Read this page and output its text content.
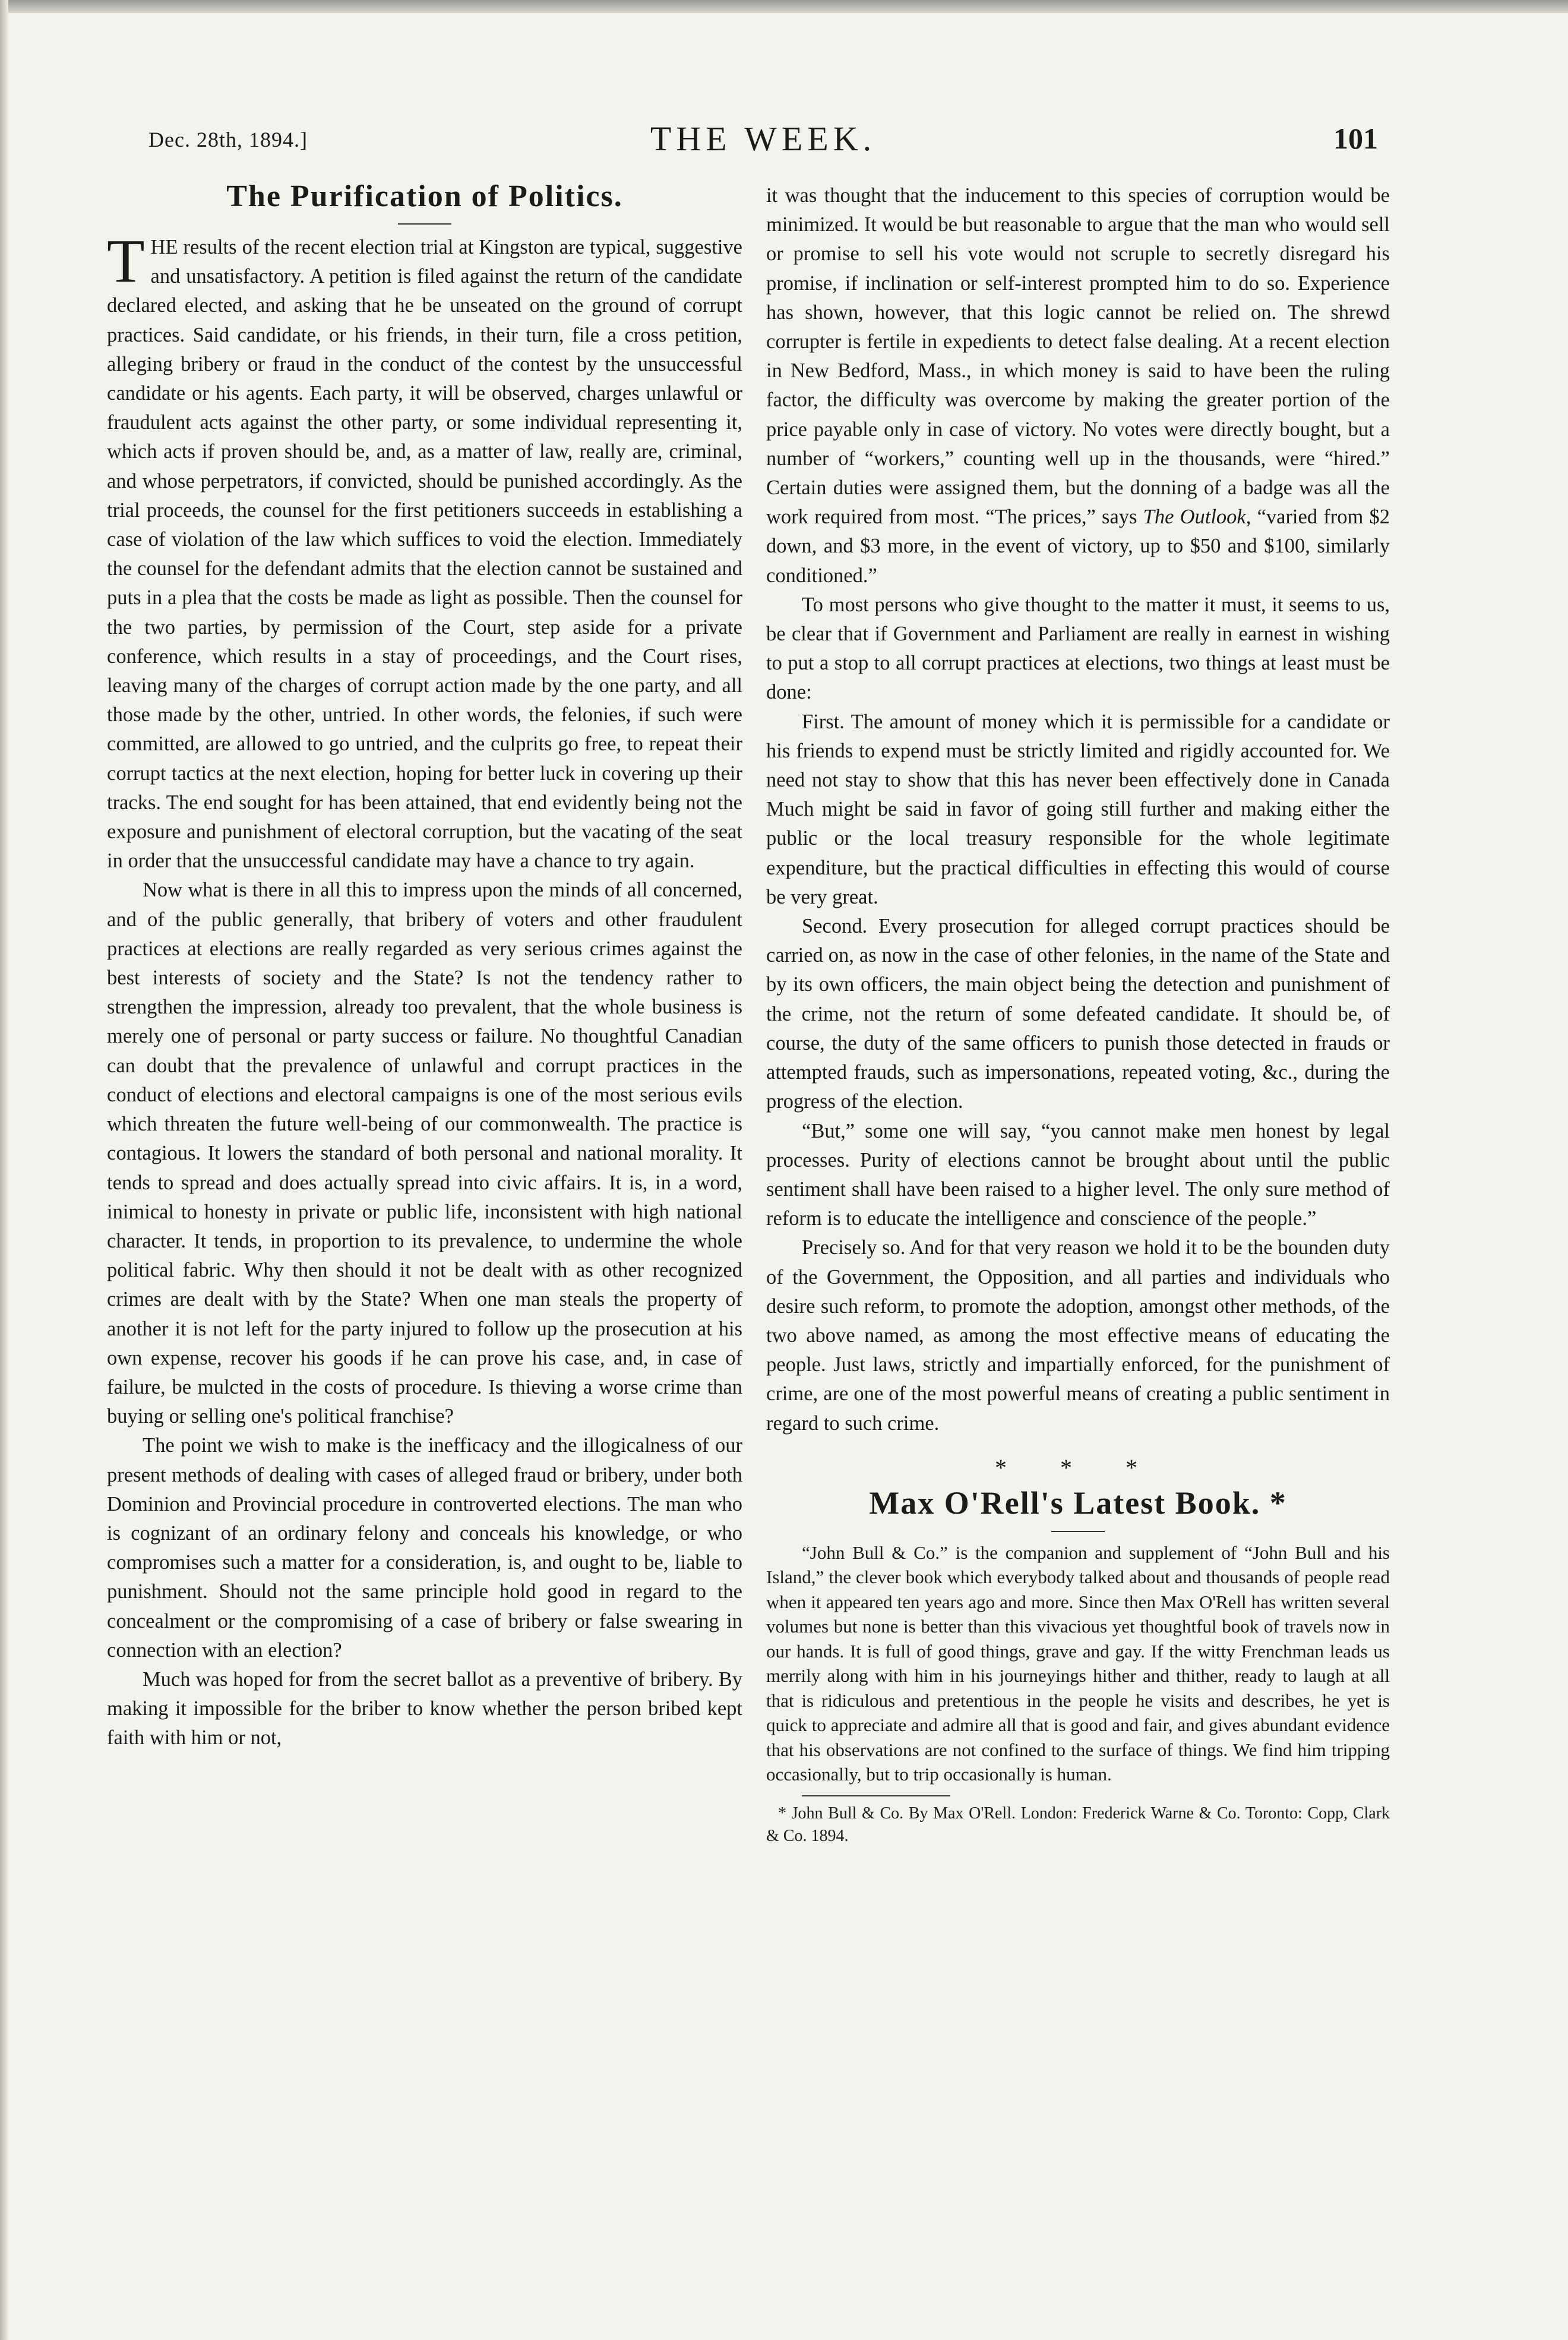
Dec. 28th, 1894.]	THE WEEK.	101
The Purification of Politics.

THE results of the recent election trial at Kingston are typical, suggestive and unsatisfactory. A petition is filed against the return of the candidate declared elected, and asking that he be unseated on the ground of corrupt practices. Said candidate, or his friends, in their turn, file a cross petition, alleging bribery or fraud in the conduct of the contest by the unsuccessful candidate or his agents. Each party, it will be observed, charges unlawful or fraudulent acts against the other party, or some individual representing it, which acts if proven should be, and, as a matter of law, really are, criminal, and whose perpetrators, if convicted, should be punished accordingly. As the trial proceeds, the counsel for the first petitioners succeeds in establishing a case of violation of the law which suffices to void the election. Immediately the counsel for the defendant admits that the election cannot be sustained and puts in a plea that the costs be made as light as possible. Then the counsel for the two parties, by permission of the Court, step aside for a private conference, which results in a stay of proceedings, and the Court rises, leaving many of the charges of corrupt action made by the one party, and all those made by the other, untried. In other words, the felonies, if such were committed, are allowed to go untried, and the culprits go free, to repeat their corrupt tactics at the next election, hoping for better luck in covering up their tracks. The end sought for has been attained, that end evidently being not the exposure and punishment of electoral corruption, but the vacating of the seat in order that the unsuccessful candidate may have a chance to try again.

Now what is there in all this to impress upon the minds of all concerned, and of the public generally, that bribery of voters and other fraudulent practices at elections are really regarded as very serious crimes against the best interests of society and the State? Is not the tendency rather to strengthen the impression, already too prevalent, that the whole business is merely one of personal or party success or failure. No thoughtful Canadian can doubt that the prevalence of unlawful and corrupt practices in the conduct of elections and electoral campaigns is one of the most serious evils which threaten the future well-being of our commonwealth. The practice is contagious. It lowers the standard of both personal and national morality. It tends to spread and does actually spread into civic affairs. It is, in a word, inimical to honesty in private or public life, inconsistent with high national character. It tends, in proportion to its prevalence, to undermine the whole political fabric. Why then should it not be dealt with as other recognized crimes are dealt with by the State? When one man steals the property of another it is not left for the party injured to follow up the prosecution at his own expense, recover his goods if he can prove his case, and, in case of failure, be mulcted in the costs of procedure. Is thieving a worse crime than buying or selling one's political franchise?

The point we wish to make is the inefficacy and the illogicalness of our present methods of dealing with cases of alleged fraud or bribery, under both Dominion and Provincial procedure in controverted elections. The man who is cognizant of an ordinary felony and conceals his knowledge, or who compromises such a matter for a consideration, is, and ought to be, liable to punishment. Should not the same principle hold good in regard to the concealment or the compromising of a case of bribery or false swearing in connection with an election?

Much was hoped for from the secret ballot as a preventive of bribery. By making it impossible for the briber to know whether the person bribed kept faith with him or not,

it was thought that the inducement to this species of corruption would be minimized. It would be but reasonable to argue that the man who would sell or promise to sell his vote would not scruple to secretly disregard his promise, if inclination or self-interest prompted him to do so. Experience has shown, however, that this logic cannot be relied on. The shrewd corrupter is fertile in expedients to detect false dealing. At a recent election in New Bedford, Mass., in which money is said to have been the ruling factor, the difficulty was overcome by making the greater portion of the price payable only in case of victory. No votes were directly bought, but a number of “workers,” counting well up in the thousands, were “hired.” Certain duties were assigned them, but the donning of a badge was all the work required from most. “The prices,” says The Outlook, “varied from $2 down, and $3 more, in the event of victory, up to $50 and $100, similarly conditioned.”

To most persons who give thought to the matter it must, it seems to us, be clear that if Government and Parliament are really in earnest in wishing to put a stop to all corrupt practices at elections, two things at least must be done:

First. The amount of money which it is permissible for a candidate or his friends to expend must be strictly limited and rigidly accounted for. We need not stay to show that this has never been effectively done in Canada Much might be said in favor of going still further and making either the public or the local treasury responsible for the whole legitimate expenditure, but the practical difficulties in effecting this would of course be very great.

Second. Every prosecution for alleged corrupt practices should be carried on, as now in the case of other felonies, in the name of the State and by its own officers, the main object being the detection and punishment of the crime, not the return of some defeated candidate. It should be, of course, the duty of the same officers to punish those detected in frauds or attempted frauds, such as impersonations, repeated voting, &c., during the progress of the election.

“But,” some one will say, “you cannot make men honest by legal processes. Purity of elections cannot be brought about until the public sentiment shall have been raised to a higher level. The only sure method of reform is to educate the intelligence and conscience of the people.”

Precisely so. And for that very reason we hold it to be the bounden duty of the Government, the Opposition, and all parties and individuals who desire such reform, to promote the adoption, amongst other methods, of the two above named, as among the most effective means of educating the people. Just laws, strictly and impartially enforced, for the punishment of crime, are one of the most powerful means of creating a public sentiment in regard to such crime.

* * *
Max O'Rell's Latest Book. *

“John Bull & Co.” is the companion and supplement of “John Bull and his Island,” the clever book which everybody talked about and thousands of people read when it appeared ten years ago and more. Since then Max O'Rell has written several volumes but none is better than this vivacious yet thoughtful book of travels now in our hands. It is full of good things, grave and gay. If the witty Frenchman leads us merrily along with him in his journeyings hither and thither, ready to laugh at all that is ridiculous and pretentious in the people he visits and describes, he yet is quick to appreciate and admire all that is good and fair, and gives abundant evidence that his observations are not confined to the surface of things. We find him tripping occasionally, but to trip occasionally is human.

* John Bull & Co. By Max O'Rell. London: Frederick Warne & Co. Toronto: Copp, Clark & Co. 1894.
